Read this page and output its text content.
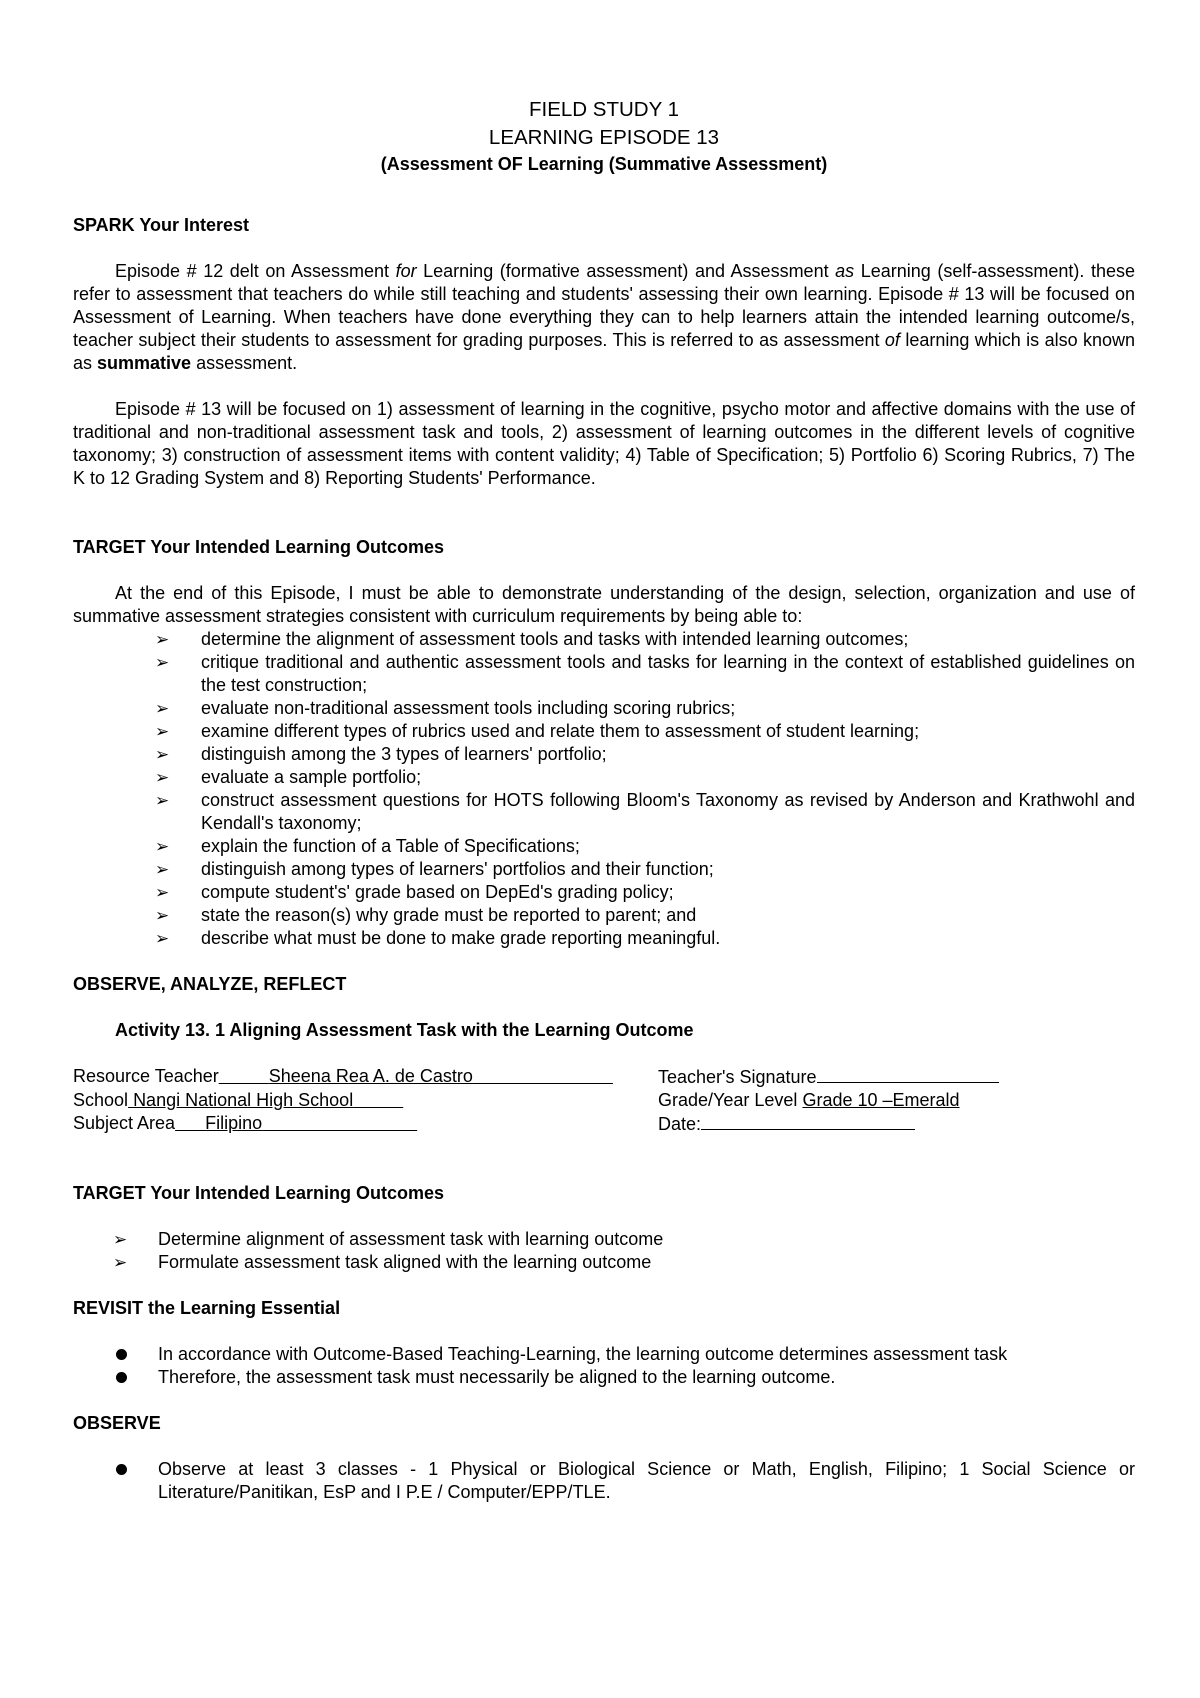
FIELD STUDY 1
LEARNING EPISODE 13
(Assessment OF Learning (Summative Assessment)
SPARK Your Interest

Episode # 12 delt on Assessment for Learning (formative assessment) and Assessment as Learning (self-assessment). these refer to assessment that teachers do while still teaching and students' assessing their own learning. Episode # 13 will be focused on Assessment of Learning. When teachers have done everything they can to help learners attain the intended learning outcome/s, teacher subject their students to assessment for grading purposes. This is referred to as assessment of learning which is also known as summative assessment.

Episode # 13 will be focused on 1) assessment of learning in the cognitive, psycho motor and affective domains with the use of traditional and non-traditional assessment task and tools, 2) assessment of learning outcomes in the different levels of cognitive taxonomy; 3) construction of assessment items with content validity; 4) Table of Specification; 5) Portfolio 6) Scoring Rubrics, 7) The K to 12 Grading System and 8) Reporting Students' Performance.

TARGET Your Intended Learning Outcomes

At the end of this Episode, I must be able to demonstrate understanding of the design, selection, organization and use of summative assessment strategies consistent with curriculum requirements by being able to:

➢	determine the alignment of assessment tools and tasks with intended learning outcomes;
➢	critique traditional and authentic assessment tools and tasks for learning in the context of established guidelines on the test construction;
➢	evaluate non-traditional assessment tools including scoring rubrics;
➢	examine different types of rubrics used and relate them to assessment of student learning;
➢	distinguish among the 3 types of learners' portfolio;
➢	evaluate a sample portfolio;
➢	construct assessment questions for HOTS following Bloom's Taxonomy as revised by Anderson and Krathwohl and Kendall's taxonomy;
➢	explain the function of a Table of Specifications;
➢	distinguish among types of learners' portfolios and their function;
➢	compute student's' grade based on DepEd's grading policy;
➢	state the reason(s) why grade must be reported to parent; and
➢	describe what must be done to make grade reporting meaningful.
OBSERVE, ANALYZE, REFLECT
Activity 13. 1 Aligning Assessment Task with the Learning Outcome
Resource Teacher	Sheena Rea A. de Castro	Teacher's Signature
School Nangi National High School	Grade/Year Level Grade 10 –Emerald
Subject Area Filipino	Date:
TARGET Your Intended Learning Outcomes
➢ Determine alignment of assessment task with learning outcome
➢ Formulate assessment task aligned with the learning outcome
REVISIT the Learning Essential
In accordance with Outcome-Based Teaching-Learning, the learning outcome determines assessment task
Therefore, the assessment task must necessarily be aligned to the learning outcome.
OBSERVE
Observe at least 3 classes - 1 Physical or Biological Science or Math, English, Filipino; 1 Social Science or Literature/Panitikan, EsP and I P.E / Computer/EPP/TLE.
